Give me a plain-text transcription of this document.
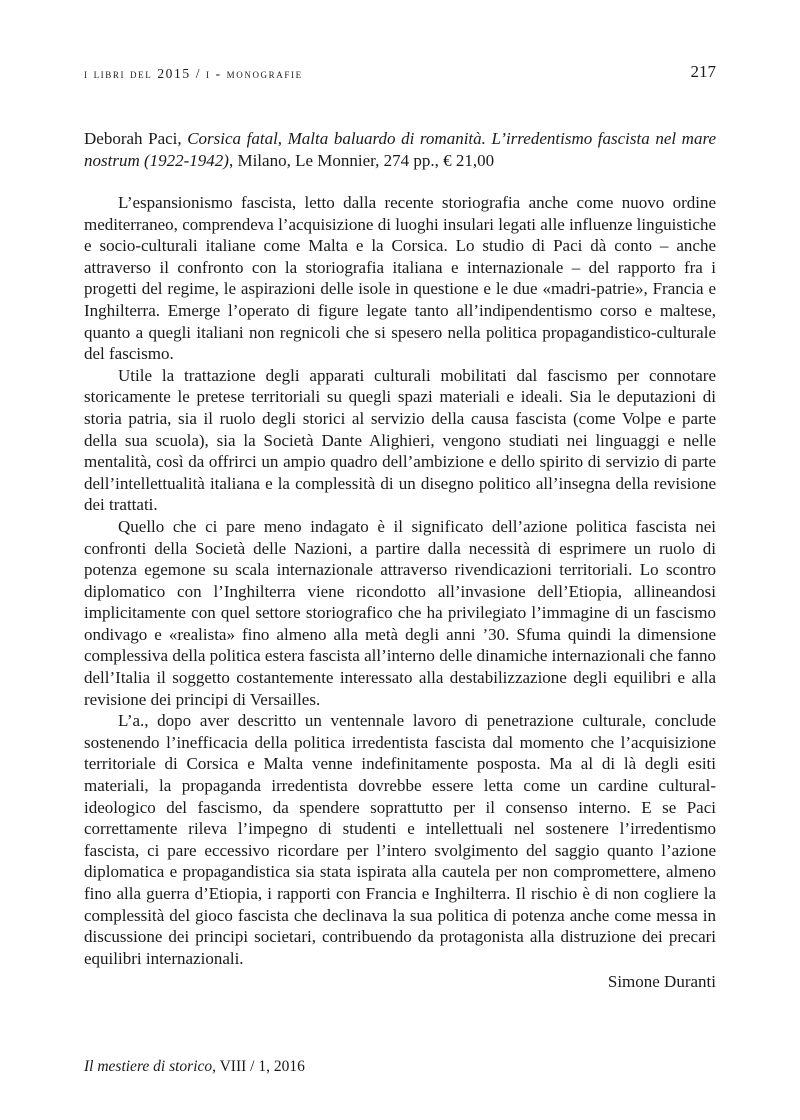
i libri del 2015 / i - monografie	217
Deborah Paci, Corsica fatal, Malta baluardo di romanità. L’irredentismo fascista nel mare nostrum (1922-1942), Milano, Le Monnier, 274 pp., € 21,00

L’espansionismo fascista, letto dalla recente storiografia anche come nuovo ordine mediterraneo, comprendeva l’acquisizione di luoghi insulari legati alle influenze linguistiche e socio-culturali italiane come Malta e la Corsica. Lo studio di Paci dà conto – anche attraverso il confronto con la storiografia italiana e internazionale – del rapporto fra i progetti del regime, le aspirazioni delle isole in questione e le due «madri-patrie», Francia e Inghilterra. Emerge l’operato di figure legate tanto all’indipendentismo corso e maltese, quanto a quegli italiani non regnicoli che si spesero nella politica propagandistico-culturale del fascismo.

Utile la trattazione degli apparati culturali mobilitati dal fascismo per connotare storicamente le pretese territoriali su quegli spazi materiali e ideali. Sia le deputazioni di storia patria, sia il ruolo degli storici al servizio della causa fascista (come Volpe e parte della sua scuola), sia la Società Dante Alighieri, vengono studiati nei linguaggi e nelle mentalità, così da offrirci un ampio quadro dell’ambizione e dello spirito di servizio di parte dell’intellettualità italiana e la complessità di un disegno politico all’insegna della revisione dei trattati.

Quello che ci pare meno indagato è il significato dell’azione politica fascista nei confronti della Società delle Nazioni, a partire dalla necessità di esprimere un ruolo di potenza egemone su scala internazionale attraverso rivendicazioni territoriali. Lo scontro diplomatico con l’Inghilterra viene ricondotto all’invasione dell’Etiopia, allineandosi implicitamente con quel settore storiografico che ha privilegiato l’immagine di un fascismo ondivago e «realista» fino almeno alla metà degli anni ’30. Sfuma quindi la dimensione complessiva della politica estera fascista all’interno delle dinamiche internazionali che fanno dell’Italia il soggetto costantemente interessato alla destabilizzazione degli equilibri e alla revisione dei principi di Versailles.

L’a., dopo aver descritto un ventennale lavoro di penetrazione culturale, conclude sostenendo l’inefficacia della politica irredentista fascista dal momento che l’acquisizione territoriale di Corsica e Malta venne indefinitamente posposta. Ma al di là degli esiti materiali, la propaganda irredentista dovrebbe essere letta come un cardine cultural-ideologico del fascismo, da spendere soprattutto per il consenso interno. E se Paci correttamente rileva l’impegno di studenti e intellettuali nel sostenere l’irredentismo fascista, ci pare eccessivo ricordare per l’intero svolgimento del saggio quanto l’azione diplomatica e propagandistica sia stata ispirata alla cautela per non compromettere, almeno fino alla guerra d’Etiopia, i rapporti con Francia e Inghilterra. Il rischio è di non cogliere la complessità del gioco fascista che declinava la sua politica di potenza anche come messa in discussione dei principi societari, contribuendo da protagonista alla distruzione dei precari equilibri internazionali.

Simone Duranti
Il mestiere di storico, VIII / 1, 2016
